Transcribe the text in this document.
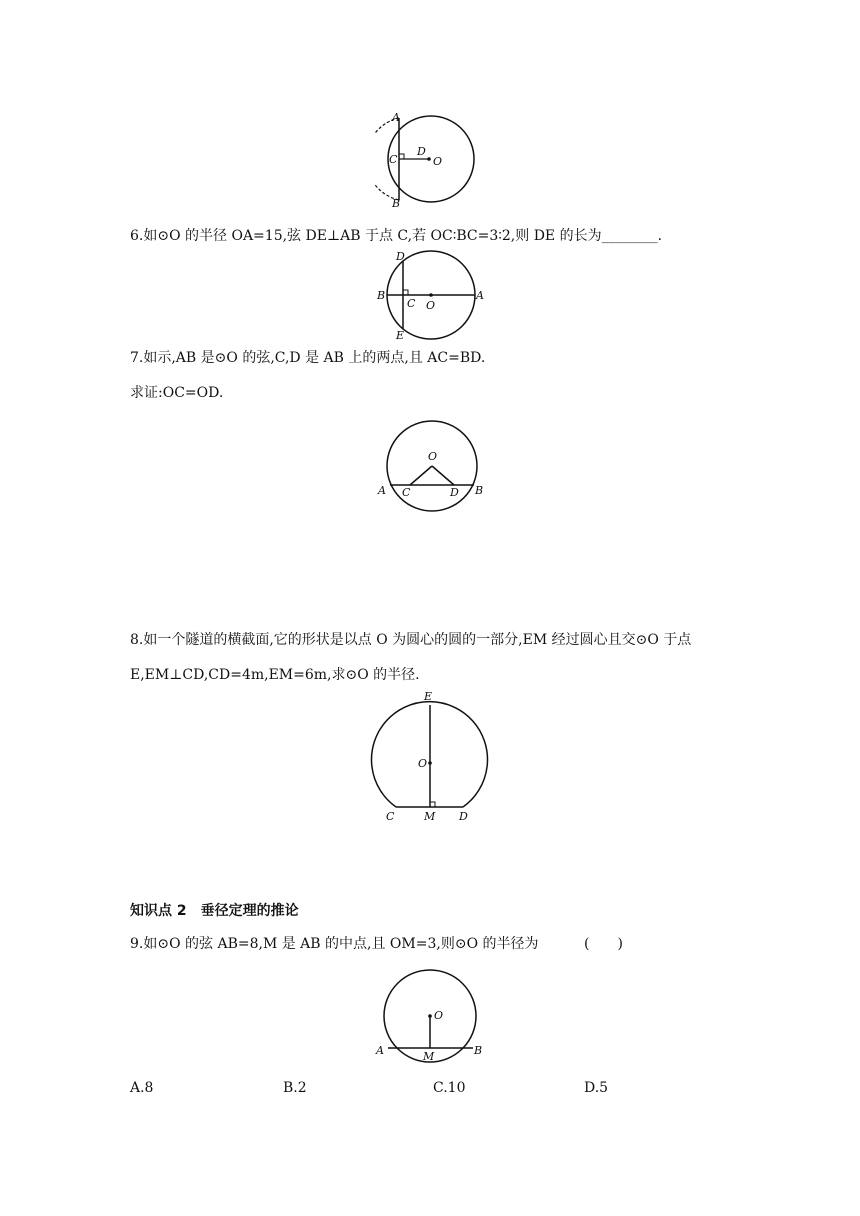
A
B
C
D
O
6.如⊙O 的半径 OA=15,弦 DE⊥AB 于点 C,若 OC∶BC=3∶2,则 DE 的长为________.
D
B
C O
A
E
7.如示,AB 是⊙O 的弦,C,D 是 AB 上的两点,且 AC=BD.
求证:OC=OD.
O
A C	D B
8.如一个隧道的横截面,它的形状是以点 O 为圆心的圆的一部分,EM 经过圆心且交⊙O 于点
E,EM⊥CD,CD=4m,EM=6m,求⊙O 的半径.
E
O
C	M D
知识点 2　垂径定理的推论
9.如⊙O 的弦 AB=8,M 是 AB 的中点,且 OM=3,则⊙O 的半径为	(　　)
O
A	M	B
A.8	B.2	C.10	D.5
